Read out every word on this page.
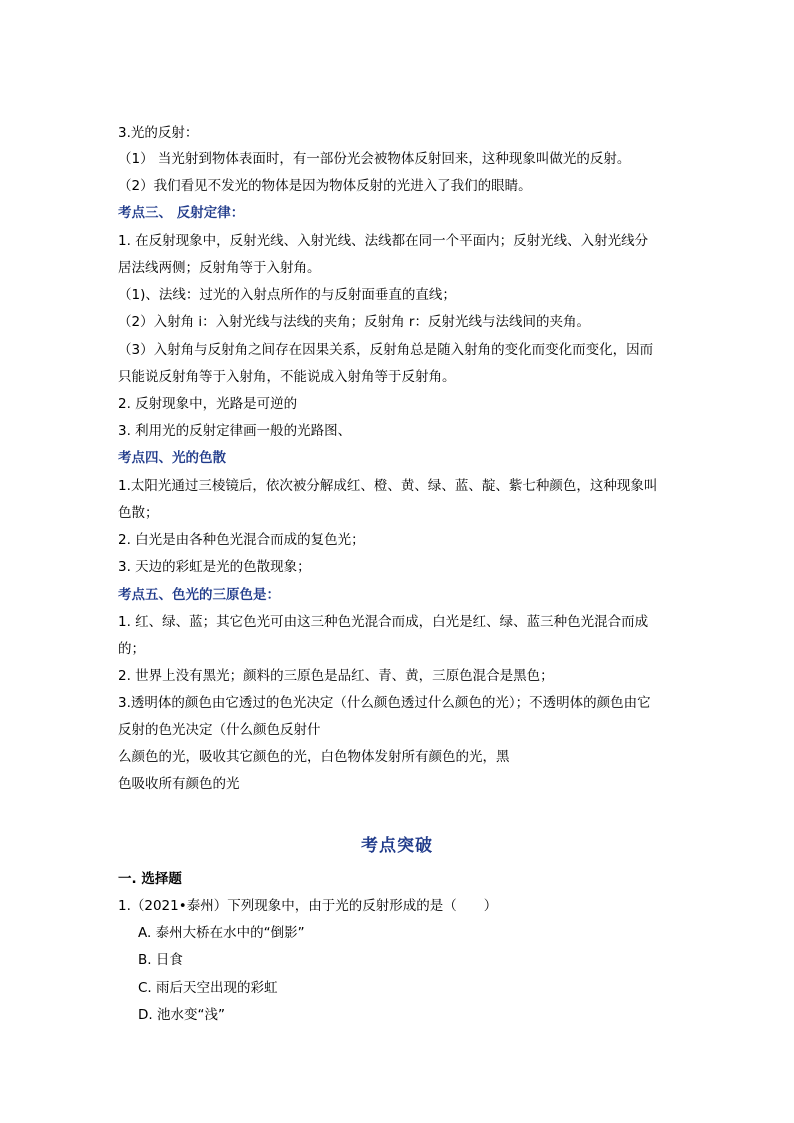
3.光的反射：
（1） 当光射到物体表面时，有一部份光会被物体反射回来，这种现象叫做光的反射。
（2）我们看见不发光的物体是因为物体反射的光进入了我们的眼睛。
考点三、 反射定律：
1. 在反射现象中，反射光线、入射光线、法线都在同一个平面内；反射光线、入射光线分
居法线两侧；反射角等于入射角。
（1)、法线：过光的入射点所作的与反射面垂直的直线；
（2）入射角 i：入射光线与法线的夹角；反射角 r：反射光线与法线间的夹角。
（3）入射角与反射角之间存在因果关系，反射角总是随入射角的变化而变化而变化，因而
只能说反射角等于入射角，不能说成入射角等于反射角。
2. 反射现象中，光路是可逆的
3. 利用光的反射定律画一般的光路图、
考点四、光的色散
1.太阳光通过三棱镜后，依次被分解成红、橙、黄、绿、蓝、靛、紫七种颜色，这种现象叫
色散；
2. 白光是由各种色光混合而成的复色光；
3. 天边的彩虹是光的色散现象；
考点五、色光的三原色是：
1. 红、绿、蓝；其它色光可由这三种色光混合而成，白光是红、绿、蓝三种色光混合而成
的；
2. 世界上没有黑光；颜料的三原色是品红、青、黄，三原色混合是黑色；
3.透明体的颜色由它透过的色光决定（什么颜色透过什么颜色的光）；不透明体的颜色由它
反射的色光决定（什么颜色反射什
么颜色的光，吸收其它颜色的光，白色物体发射所有颜色的光，黑
色吸收所有颜色的光
考点突破
一. 选择题
1.（2021•泰州）下列现象中，由于光的反射形成的是（　　）
A. 泰州大桥在水中的“倒影”
B. 日食
C. 雨后天空出现的彩虹
D. 池水变“浅”
